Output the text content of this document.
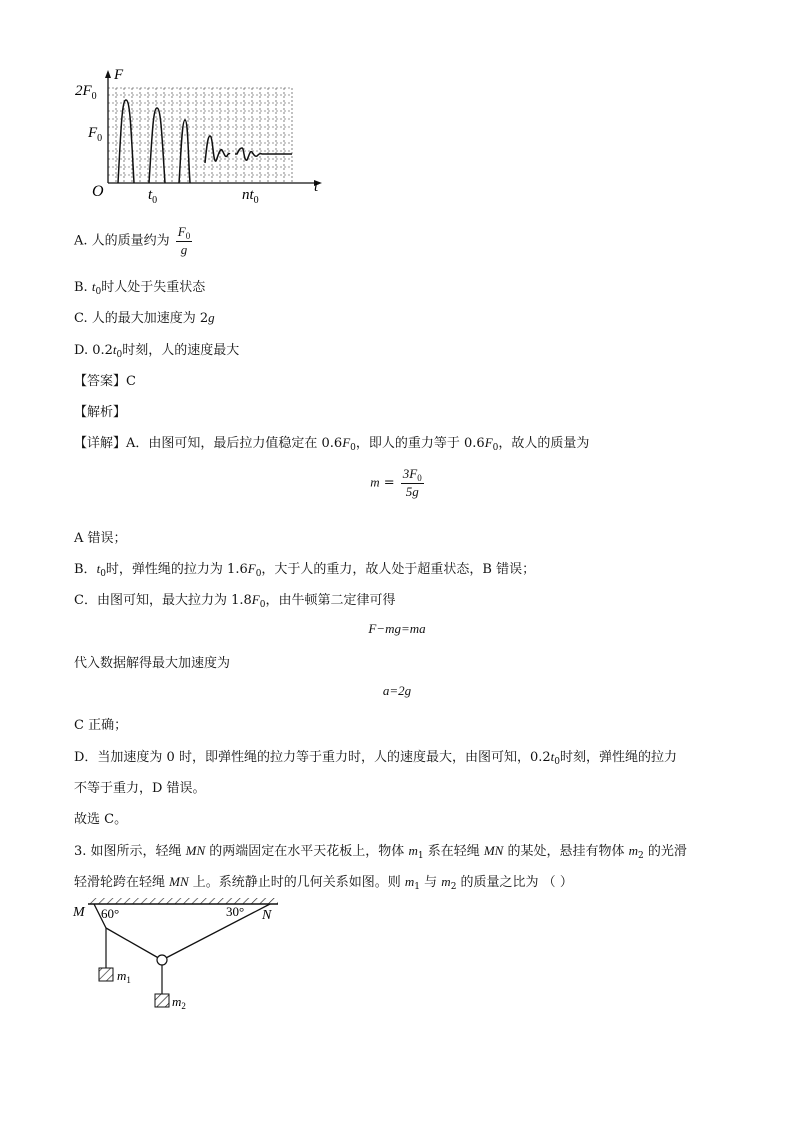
F
$2F_0$
$F_0$
O	$t_0$	$nt_0$
t
A. 人的质量约为 $\frac{F_0}{g}$
B. $t_0$时人处于失重状态
C. 人的最大加速度为 2g
D. $0.2t_0$时刻，人的速度最大
【答案】C
【解析】
【详解】A．由图可知，最后拉力值稳定在 $0.6F_0$，即人的重力等于 $0.6F_0$，故人的质量为
$m = \frac{3F_0}{5g}$
A 错误；
B．$t_0$时，弹性绳的拉力为 $1.6F_0$，大于人的重力，故人处于超重状态，B 错误；
C．由图可知，最大拉力为 $1.8F_0$，由牛顿第二定律可得
F−mg=ma
代入数据解得最大加速度为
a=2g
C 正确；
D．当加速度为 0 时，即弹性绳的拉力等于重力时，人的速度最大，由图可知，$0.2t_0$时刻，弹性绳的拉力
不等于重力，D 错误。
故选 C。
3. 如图所示，轻绳 MN 的两端固定在水平天花板上，物体 $m_1$ 系在轻绳 MN 的某处，悬挂有物体 $m_2$ 的光滑
轻滑轮跨在轻绳 MN 上。系统静止时的几何关系如图。则 $m_1$ 与 $m_2$ 的质量之比为 （ ）
M	N
60°	30°
$m_1$
$m_2$
